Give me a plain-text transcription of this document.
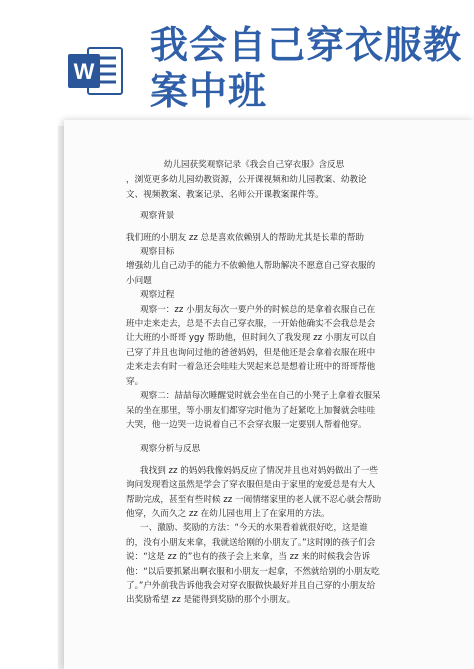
W
我会自己穿衣服教案中班

幼儿园获奖观察记录《我会自己穿衣服》含反思

，浏览更多幼儿园幼教资源，公开课视频和幼儿园教案、幼教论文、视频教案、教案记录、名师公开课教案课件等。

观察背景

我们班的小朋友 zz 总是喜欢依赖别人的帮助尤其是长辈的帮助

观察目标

增强幼儿自己动手的能力不依赖他人帮助解决不愿意自己穿衣服的小问题

观察过程

观察一：zz 小朋友每次一要户外的时候总的是拿着衣服自己在班中走来走去，总是不去自己穿衣服，一开始他确实不会我总是会让大班的小哥哥 ygy 帮助他，但时间久了我发现 zz 小朋友可以自己穿了并且也询问过他的爸爸妈妈，但是他还是会拿着衣服在班中走来走去有时一着急还会哇哇大哭起来总是想着让班中的哥哥帮他穿。

观察二：喆喆每次睡醒觉时就会坐在自己的小凳子上拿着衣服呆呆的坐在那里，等小朋友们都穿完时他为了赶紧吃上加餐就会哇哇大哭，他一边哭一边说着自己不会穿衣服一定要别人帮着他穿。

观察分析与反思

我找到 zz 的妈妈我像妈妈反应了情况并且也对妈妈做出了一些询问发现看这虽然是学会了穿衣服但是由于家里的宠爱总是有大人帮助完成，甚至有些时候 zz 一闹情绪家里的老人就不忍心就会帮助他穿，久而久之 zz 在幼儿园也用上了在家用的方法。

一、激励、奖励的方法：“今天的水果看着就很好吃，这是谁的，没有小朋友来拿，我就送给刚的小朋友了。”这时刚的孩子们会说：“这是 zz 的”也有的孩子会上来拿，当 zz 来的时候我会告诉他：“以后要抓紧出啊衣服和小朋友一起拿，不然就给别的小朋友吃了。”户外前我告诉他我会对穿衣服做快最好并且自己穿的小朋友给出奖励希望 zz 是能得到奖励的那个小朋友。
